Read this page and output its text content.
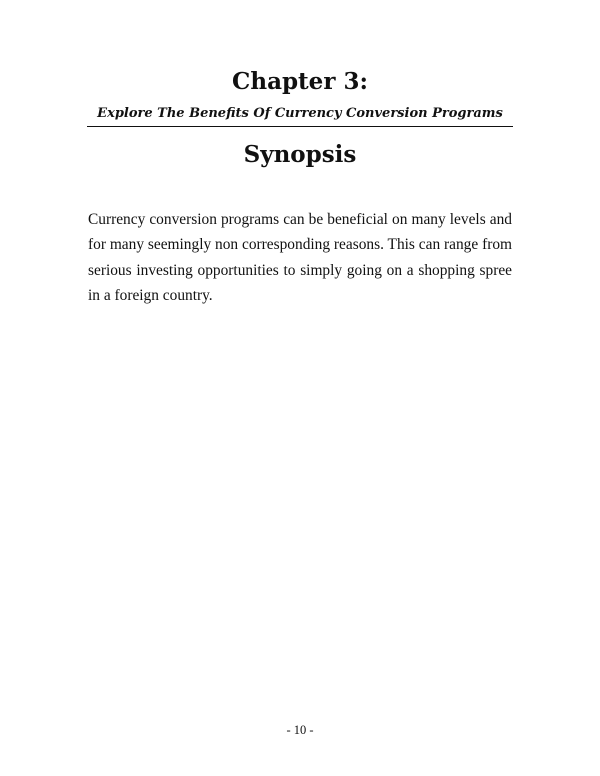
Chapter 3:
Explore The Benefits Of Currency Conversion Programs
Synopsis

Currency conversion programs can be beneficial on many levels and for many seemingly non corresponding reasons. This can range from serious investing opportunities to simply going on a shopping spree in a foreign country.

- 10 -
